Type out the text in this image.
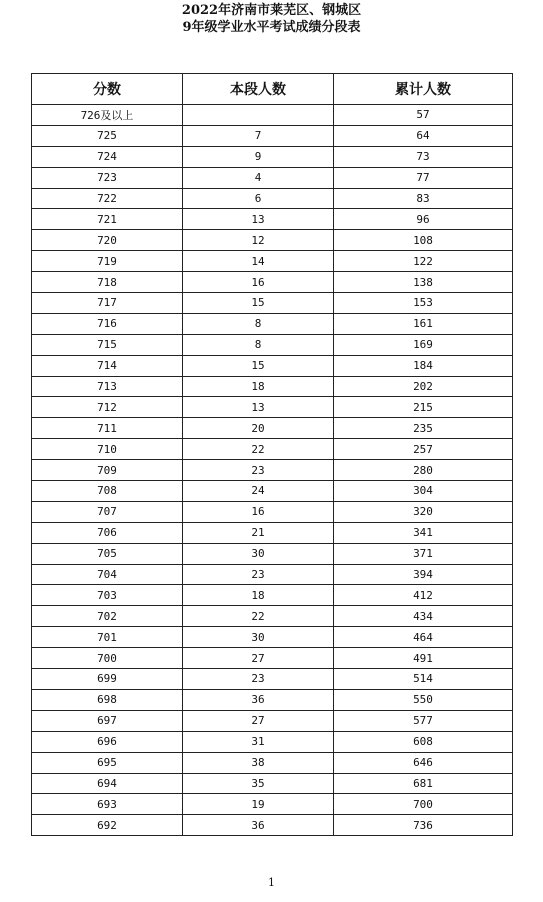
2022年济南市莱芜区、钢城区
9年级学业水平考试成绩分段表
分数	本段人数	累计人数
726及以上		57
725	7	64
724	9	73
723	4	77
722	6	83
721	13	96
720	12	108
719	14	122
718	16	138
717	15	153
716	8	161
715	8	169
714	15	184
713	18	202
712	13	215
711	20	235
710	22	257
709	23	280
708	24	304
707	16	320
706	21	341
705	30	371
704	23	394
703	18	412
702	22	434
701	30	464
700	27	491
699	23	514
698	36	550
697	27	577
696	31	608
695	38	646
694	35	681
693	19	700
692	36	736
1
